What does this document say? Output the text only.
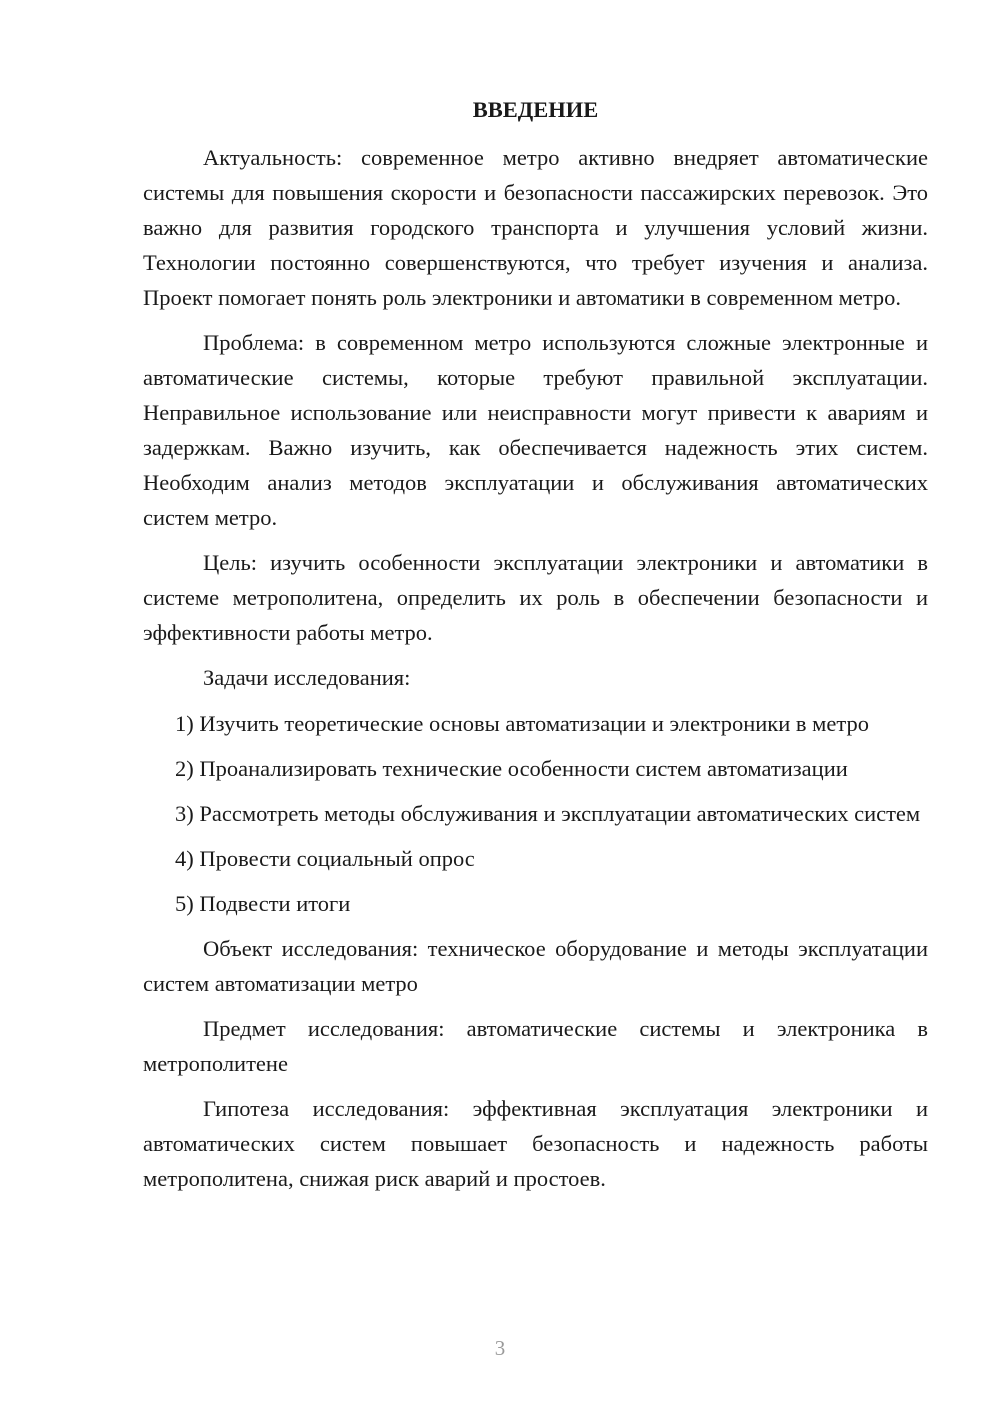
ВВЕДЕНИЕ

Актуальность: современное метро активно внедряет автоматические системы для повышения скорости и безопасности пассажирских перевозок. Это важно для развития городского транспорта и улучшения условий жизни. Технологии постоянно совершенствуются, что требует изучения и анализа. Проект помогает понять роль электроники и автоматики в современном метро.

Проблема: в современном метро используются сложные электронные и автоматические системы, которые требуют правильной эксплуатации. Неправильное использование или неисправности могут привести к авариям и задержкам. Важно изучить, как обеспечивается надежность этих систем. Необходим анализ методов эксплуатации и обслуживания автоматических систем метро.

Цель: изучить особенности эксплуатации электроники и автоматики в системе метрополитена, определить их роль в обеспечении безопасности и эффективности работы метро.

Задачи исследования:

1) Изучить теоретические основы автоматизации и электроники в метро

2) Проанализировать технические особенности систем автоматизации

3) Рассмотреть методы обслуживания и эксплуатации автоматических систем

4) Провести социальный опрос

5) Подвести итоги

Объект исследования: техническое оборудование и методы эксплуатации систем автоматизации метро

Предмет исследования: автоматические системы и электроника в метрополитене

Гипотеза исследования: эффективная эксплуатация электроники и автоматических систем повышает безопасность и надежность работы метрополитена, снижая риск аварий и простоев.

3
